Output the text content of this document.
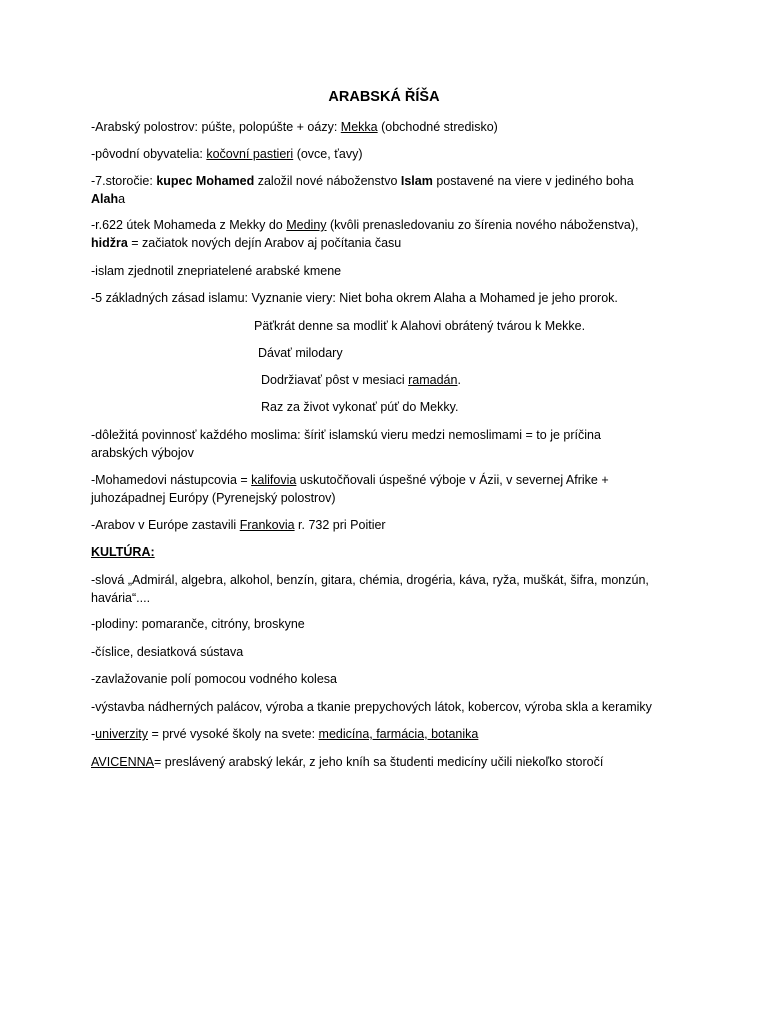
ARABSKÁ ŘÍŠA
-Arabský polostrov: púšte, polopúšte + oázy: Mekka (obchodné stredisko)
-pôvodní obyvatelia: kočovní pastieri (ovce, ťavy)
-7.storočie: kupec Mohamed založil nové náboženstvo Islam postavené na viere v jediného boha
Alaha
-r.622 útek Mohameda z Mekky do Mediny (kvôli prenasledovaniu zo šírenia nového náboženstva),
hidžra = začiatok nových dejín Arabov aj počítania času
-islam zjednotil znepriatelené arabské kmene
-5 základných zásad islamu: Vyznanie viery: Niet boha okrem Alaha a Mohamed je jeho prorok.
Päťkrát denne sa modliť k Alahovi obrátený tvárou k Mekke.
Dávať milodary
Dodržiavať pôst v mesiaci ramadán.
Raz za život vykonať púť do Mekky.
-dôležitá povinnosť každého moslima: šíriť islamskú vieru medzi nemoslimami = to je príčina
arabských výbojov
-Mohamedovi nástupcovia = kalifovia uskutočňovali úspešné výboje v Ázii, v severnej Afrike +
juhozápadnej Európy (Pyrenejský polostrov)
-Arabov v Európe zastavili Frankovia r. 732 pri Poitier
KULTÚRA:
-slová „Admirál, algebra, alkohol, benzín, gitara, chémia, drogéria, káva, ryža, muškát, šifra, monzún,
havária“....
-plodiny: pomaranče, citróny, broskyne
-číslice, desiatková sústava
-zavlažovanie polí pomocou vodného kolesa
-výstavba nádherných palácov, výroba a tkanie prepychových látok, kobercov, výroba skla a keramiky
-univerzity = prvé vysoké školy na svete: medicína, farmácia, botanika
AVICENNA= preslávený arabský lekár, z jeho kníh sa študenti medicíny učili niekoľko storočí
